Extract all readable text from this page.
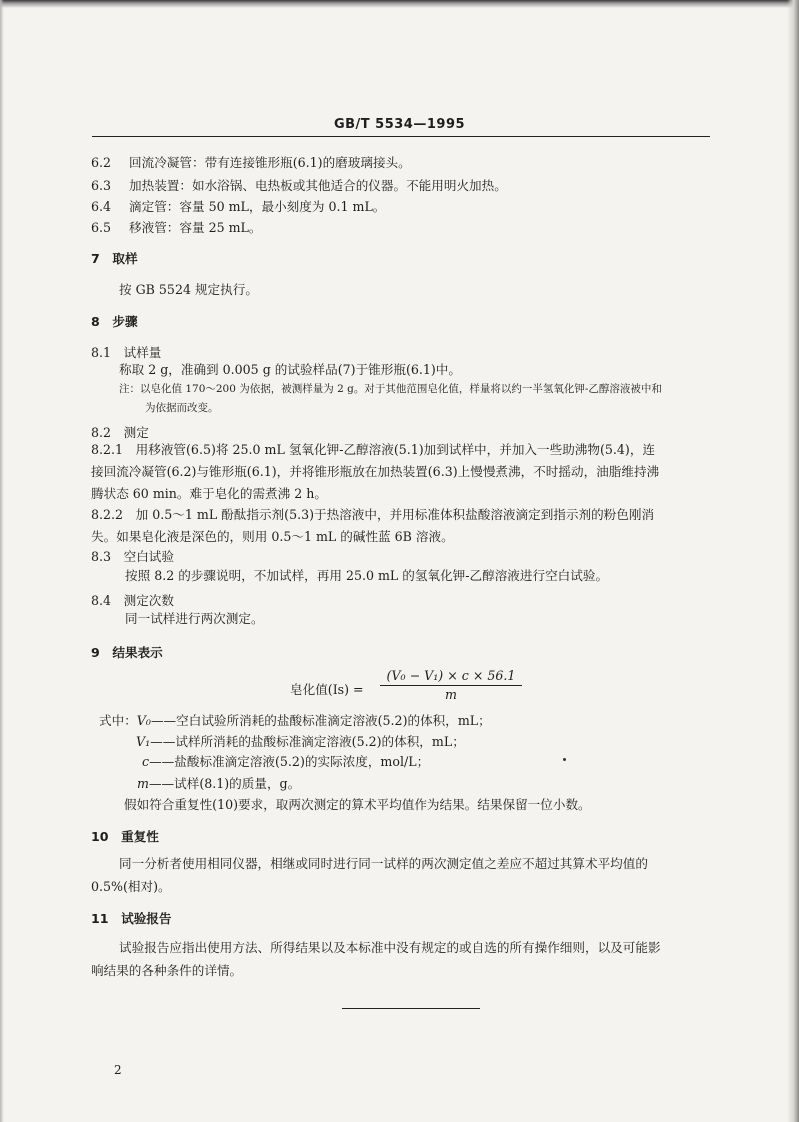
GB/T 5534—1995
6.2 回流冷凝管：带有连接锥形瓶(6.1)的磨玻璃接头。
6.3 加热装置：如水浴锅、电热板或其他适合的仪器。不能用明火加热。
6.4 滴定管：容量 50 mL，最小刻度为 0.1 mL。
6.5 移液管：容量 25 mL。
7　取样
按 GB 5524 规定执行。
8　步骤
8.1　试样量
称取 2 g，准确到 0.005 g 的试验样品(7)于锥形瓶(6.1)中。
注：以皂化值 170～200 为依据，被测样量为 2 g。对于其他范围皂化值，样量将以约一半氢氧化钾-乙醇溶液被中和
为依据而改变。
8.2　测定
8.2.1　用移液管(6.5)将 25.0 mL 氢氧化钾-乙醇溶液(5.1)加到试样中，并加入一些助沸物(5.4)，连
接回流冷凝管(6.2)与锥形瓶(6.1)，并将锥形瓶放在加热装置(6.3)上慢慢煮沸，不时摇动，油脂维持沸
腾状态 60 min。难于皂化的需煮沸 2 h。
8.2.2　加 0.5～1 mL 酚酞指示剂(5.3)于热溶液中，并用标准体积盐酸溶液滴定到指示剂的粉色刚消
失。如果皂化液是深色的，则用 0.5～1 mL 的碱性蓝 6B 溶液。
8.3　空白试验
按照 8.2 的步骤说明，不加试样，再用 25.0 mL 的氢氧化钾-乙醇溶液进行空白试验。
8.4　测定次数
同一试样进行两次测定。
9　结果表示
皂化值(Is) =
(V₀ − V₁) × c × 56.1
m
式中：V₀——空白试验所消耗的盐酸标准滴定溶液(5.2)的体积，mL；
V₁——试样所消耗的盐酸标准滴定溶液(5.2)的体积，mL；
c——盐酸标准滴定溶液(5.2)的实际浓度，mol/L；
m——试样(8.1)的质量，g。
假如符合重复性(10)要求，取两次测定的算术平均值作为结果。结果保留一位小数。
10　重复性
同一分析者使用相同仪器，相继或同时进行同一试样的两次测定值之差应不超过其算术平均值的
0.5%(相对)。
11　试验报告
试验报告应指出使用方法、所得结果以及本标准中没有规定的或自选的所有操作细则，以及可能影
响结果的各种条件的详情。
2
